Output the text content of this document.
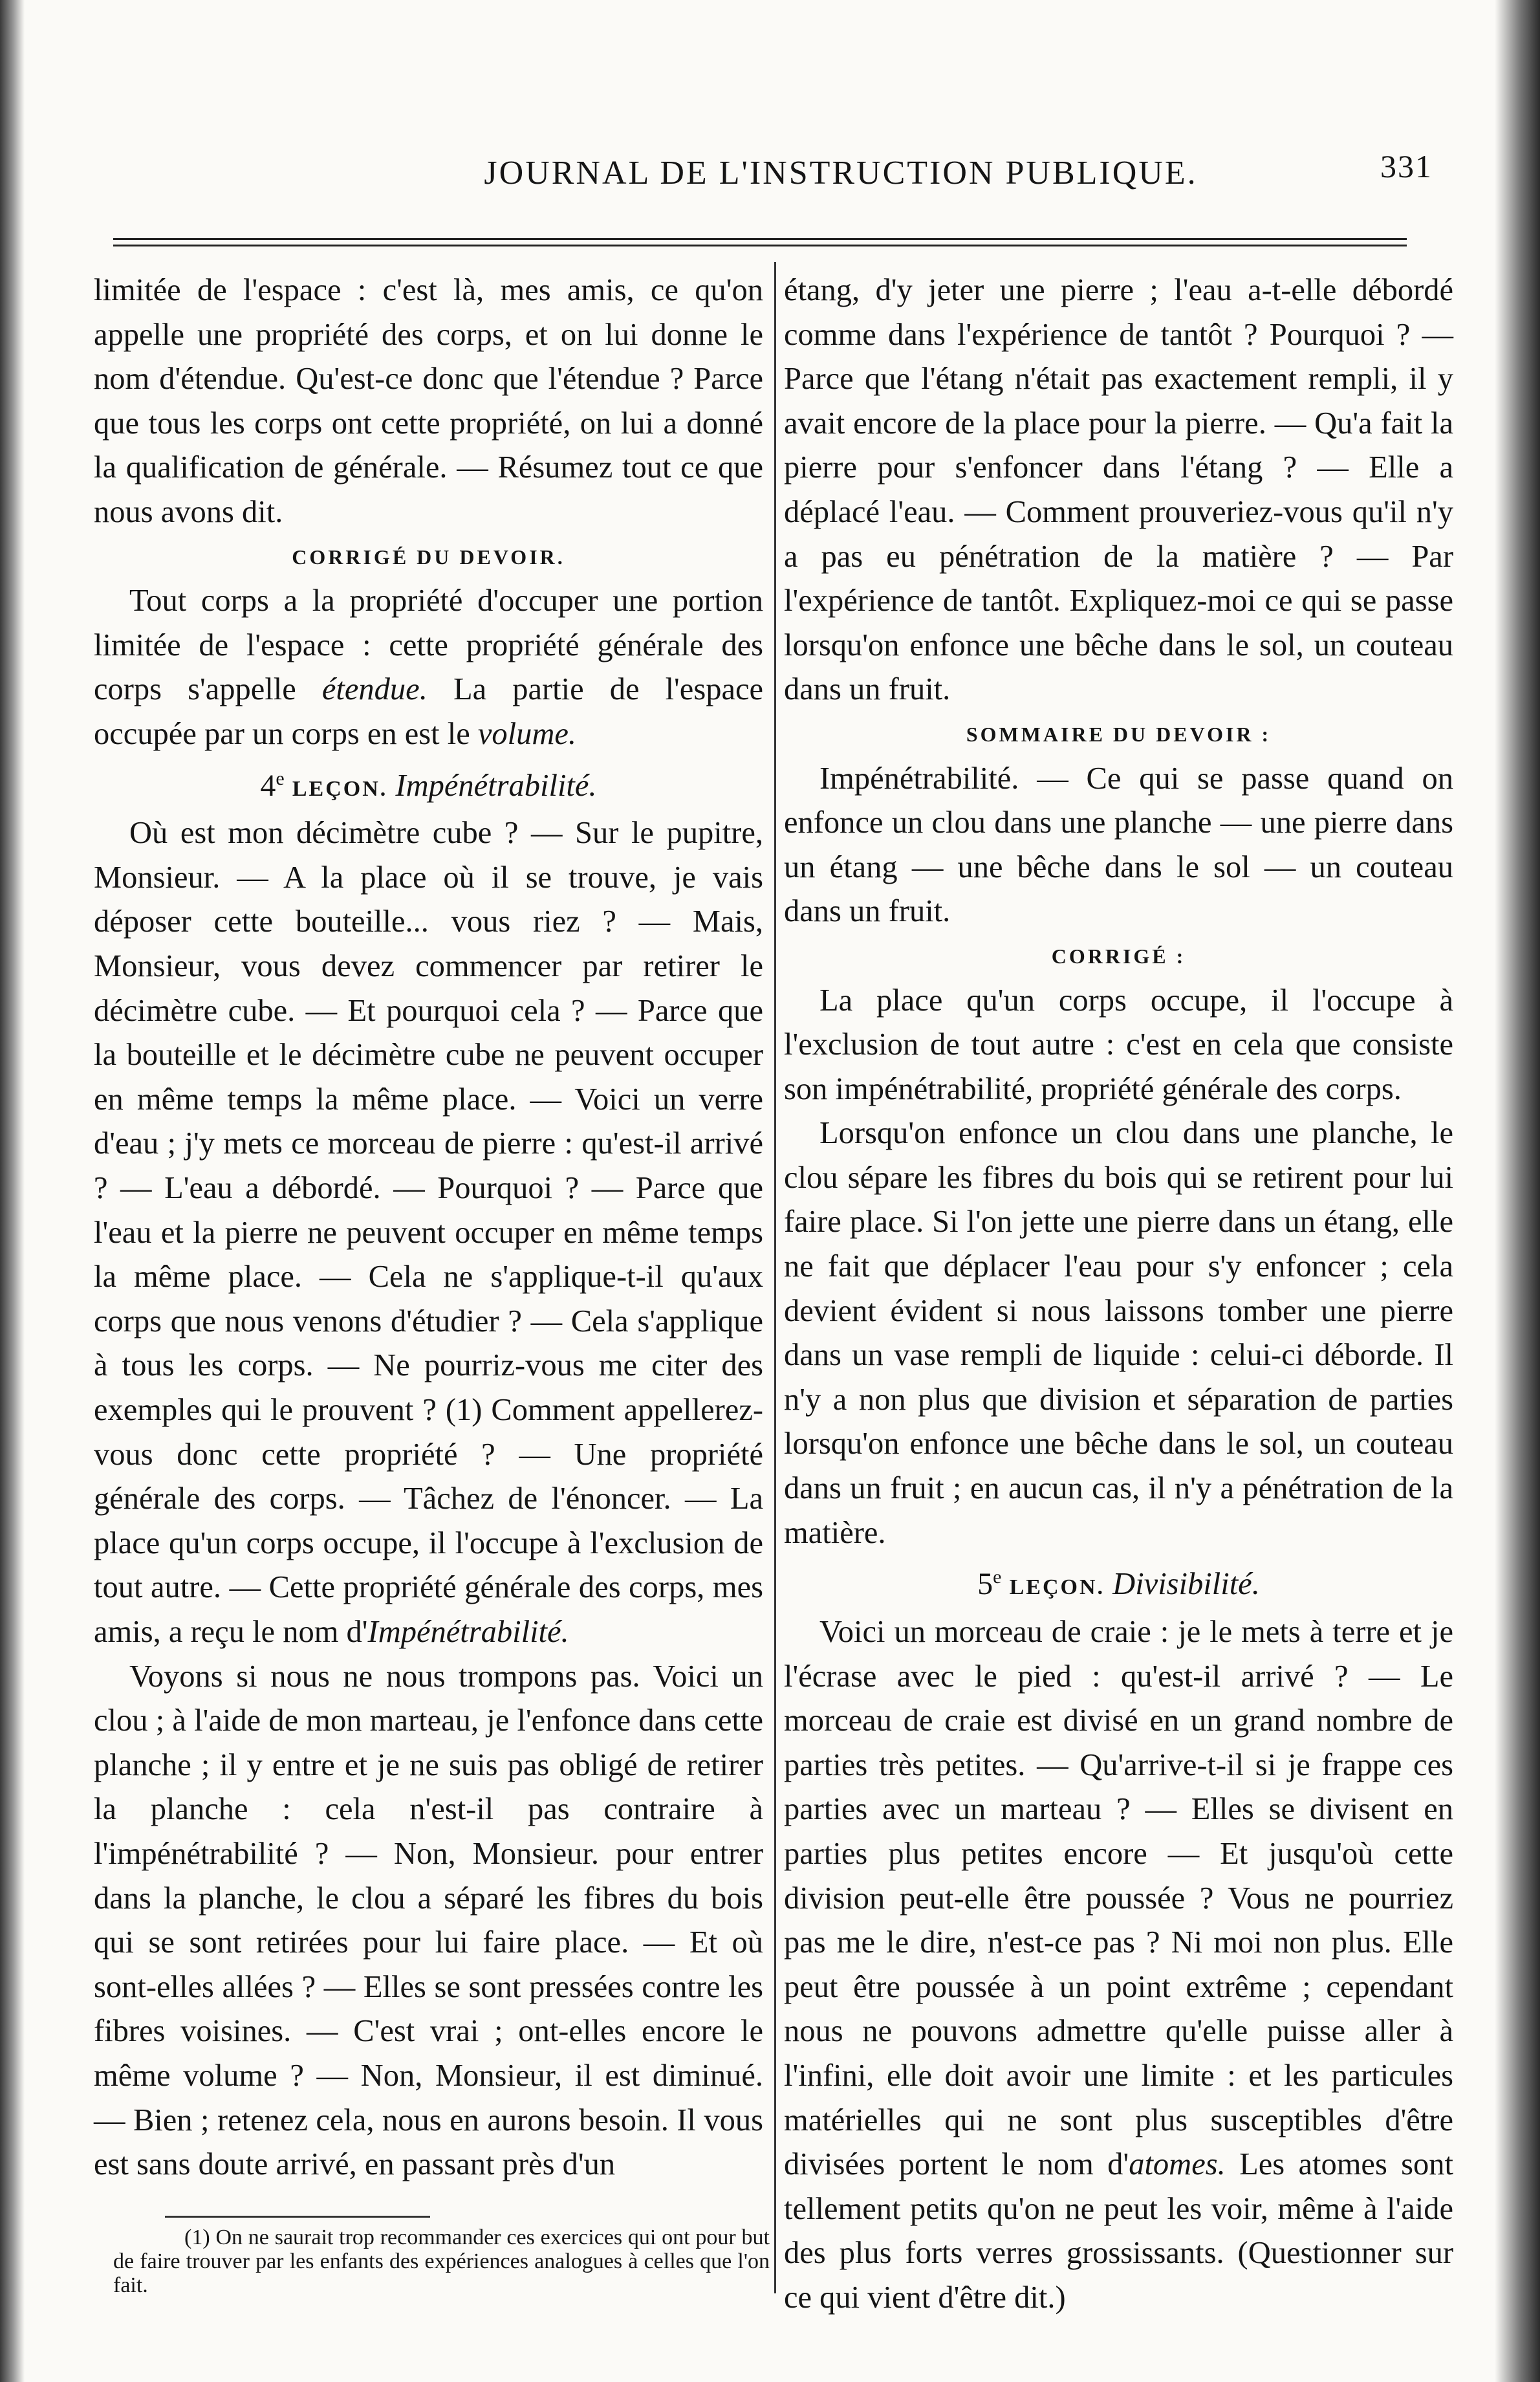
JOURNAL DE L'INSTRUCTION PUBLIQUE.	331

limitée de l'espace : c'est là, mes amis, ce qu'on appelle une propriété des corps, et on lui donne le nom d'étendue. Qu'est-ce donc que l'étendue ? Parce que tous les corps ont cette propriété, on lui a donné la qualification de générale. — Résumez tout ce que nous avons dit.

CORRIGÉ DU DEVOIR.

Tout corps a la propriété d'occuper une portion limitée de l'espace : cette propriété générale des corps s'appelle étendue. La partie de l'espace occupée par un corps en est le volume.

4e LEÇON. Impénétrabilité.

Où est mon décimètre cube ? — Sur le pupitre, Monsieur. — A la place où il se trouve, je vais déposer cette bouteille... vous riez ? — Mais, Monsieur, vous devez commencer par retirer le décimètre cube. — Et pourquoi cela ? — Parce que la bouteille et le décimètre cube ne peuvent occuper en même temps la même place. — Voici un verre d'eau ; j'y mets ce morceau de pierre : qu'est-il arrivé ? — L'eau a débordé. — Pourquoi ? — Parce que l'eau et la pierre ne peuvent occuper en même temps la même place. — Cela ne s'applique-t-il qu'aux corps que nous venons d'étudier ? — Cela s'applique à tous les corps. — Ne pourriz-vous me citer des exemples qui le prouvent ? (1) Comment appellerez-vous donc cette propriété ? — Une propriété générale des corps. — Tâchez de l'énoncer. — La place qu'un corps occupe, il l'occupe à l'exclusion de tout autre. — Cette propriété générale des corps, mes amis, a reçu le nom d'Impénétrabilité.

Voyons si nous ne nous trompons pas. Voici un clou ; à l'aide de mon marteau, je l'enfonce dans cette planche ; il y entre et je ne suis pas obligé de retirer la planche : cela n'est-il pas contraire à l'impénétrabilité ? — Non, Monsieur. pour entrer dans la planche, le clou a séparé les fibres du bois qui se sont retirées pour lui faire place. — Et où sont-elles allées ? — Elles se sont pressées contre les fibres voisines. — C'est vrai ; ont-elles encore le même volume ? — Non, Monsieur, il est diminué. — Bien ; retenez cela, nous en aurons besoin. Il vous est sans doute arrivé, en passant près d'un

(1) On ne saurait trop recommander ces exercices qui ont pour but de faire trouver par les enfants des expériences analogues à celles que l'on fait.

étang, d'y jeter une pierre ; l'eau a-t-elle débordé comme dans l'expérience de tantôt ? Pourquoi ? — Parce que l'étang n'était pas exactement rempli, il y avait encore de la place pour la pierre. — Qu'a fait la pierre pour s'enfoncer dans l'étang ? — Elle a déplacé l'eau. — Comment prouveriez-vous qu'il n'y a pas eu pénétration de la matière ? — Par l'expérience de tantôt. Expliquez-moi ce qui se passe lorsqu'on enfonce une bêche dans le sol, un couteau dans un fruit.

SOMMAIRE DU DEVOIR :

Impénétrabilité. — Ce qui se passe quand on enfonce un clou dans une planche — une pierre dans un étang — une bêche dans le sol — un couteau dans un fruit.

CORRIGÉ :

La place qu'un corps occupe, il l'occupe à l'exclusion de tout autre : c'est en cela que consiste son impénétrabilité, propriété générale des corps.

Lorsqu'on enfonce un clou dans une planche, le clou sépare les fibres du bois qui se retirent pour lui faire place. Si l'on jette une pierre dans un étang, elle ne fait que déplacer l'eau pour s'y enfoncer ; cela devient évident si nous laissons tomber une pierre dans un vase rempli de liquide : celui-ci déborde. Il n'y a non plus que division et séparation de parties lorsqu'on enfonce une bêche dans le sol, un couteau dans un fruit ; en aucun cas, il n'y a pénétration de la matière.

5e LEÇON. Divisibilité.

Voici un morceau de craie : je le mets à terre et je l'écrase avec le pied : qu'est-il arrivé ? — Le morceau de craie est divisé en un grand nombre de parties très petites. — Qu'arrive-t-il si je frappe ces parties avec un marteau ? — Elles se divisent en parties plus petites encore — Et jusqu'où cette division peut-elle être poussée ? Vous ne pourriez pas me le dire, n'est-ce pas ? Ni moi non plus. Elle peut être poussée à un point extrême ; cependant nous ne pouvons admettre qu'elle puisse aller à l'infini, elle doit avoir une limite : et les particules matérielles qui ne sont plus susceptibles d'être divisées portent le nom d'atomes. Les atomes sont tellement petits qu'on ne peut les voir, même à l'aide des plus forts verres grossissants. (Questionner sur ce qui vient d'être dit.)
